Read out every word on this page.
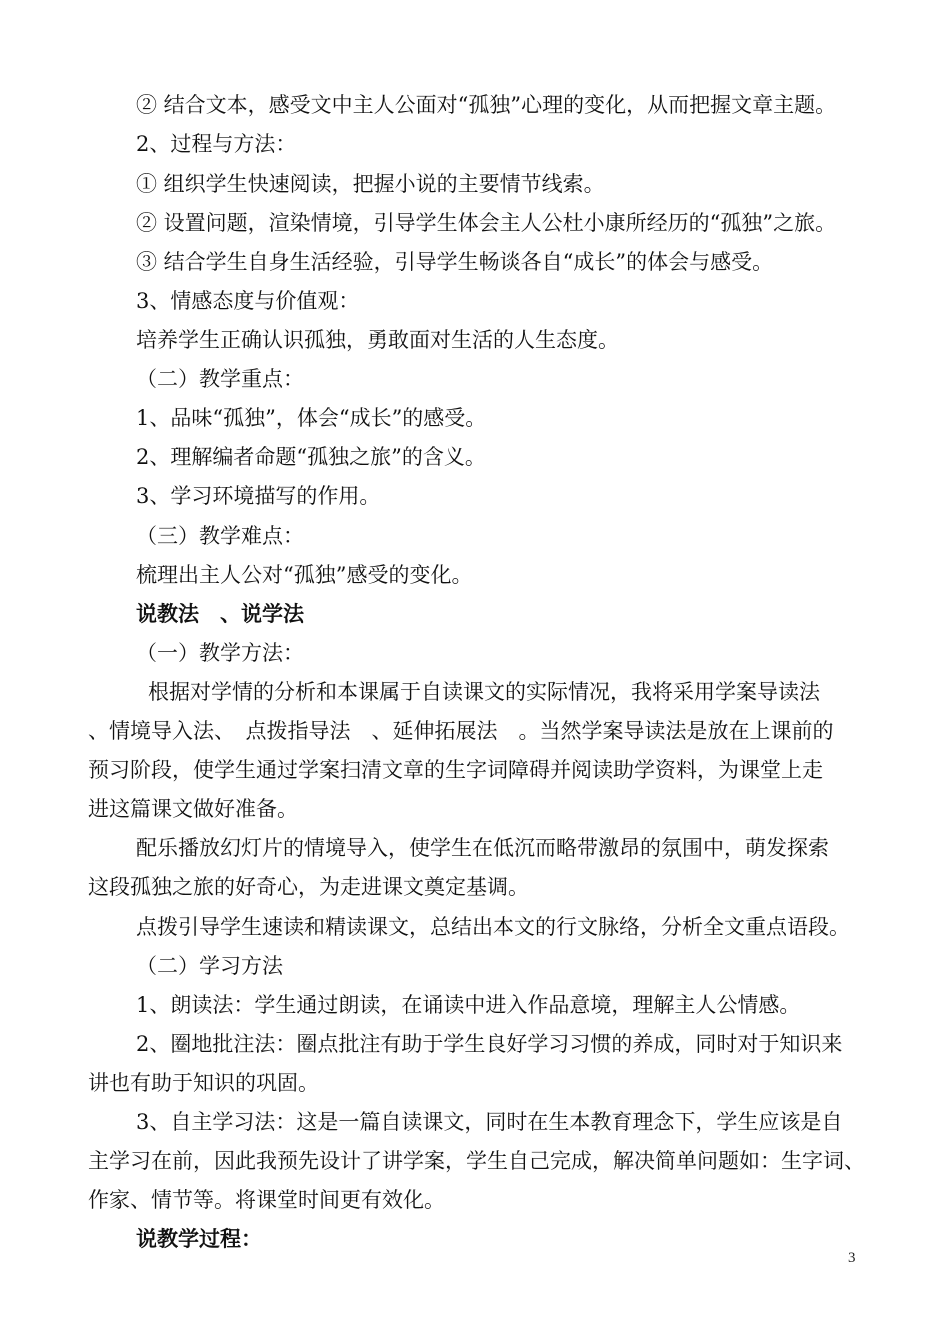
② 结合文本，感受文中主人公面对“孤独”心理的变化，从而把握文章主题。
2、过程与方法：
① 组织学生快速阅读，把握小说的主要情节线索。
② 设置问题，渲染情境，引导学生体会主人公杜小康所经历的“孤独”之旅。
③ 结合学生自身生活经验，引导学生畅谈各自“成长”的体会与感受。
3、情感态度与价值观：
培养学生正确认识孤独，勇敢面对生活的人生态度。
（二）教学重点：
1、品味“孤独”，体会“成长”的感受。
2、理解编者命题“孤独之旅”的含义。
3、学习环境描写的作用。
（三）教学难点：
梳理出主人公对“孤独”感受的变化。
说教法　、说学法
（一）教学方法：
根据对学情的分析和本课属于自读课文的实际情况，我将采用学案导读法
、情境导入法、　点拨指导法　、延伸拓展法　。当然学案导读法是放在上课前的
预习阶段，使学生通过学案扫清文章的生字词障碍并阅读助学资料，为课堂上走
进这篇课文做好准备。
配乐播放幻灯片的情境导入，使学生在低沉而略带激昂的氛围中，萌发探索
这段孤独之旅的好奇心，为走进课文奠定基调。
点拨引导学生速读和精读课文，总结出本文的行文脉络，分析全文重点语段。
（二）学习方法
1、朗读法：学生通过朗读，在诵读中进入作品意境，理解主人公情感。
2、圈地批注法：圈点批注有助于学生良好学习习惯的养成，同时对于知识来
讲也有助于知识的巩固。
3、自主学习法：这是一篇自读课文，同时在生本教育理念下，学生应该是自
主学习在前，因此我预先设计了讲学案，学生自己完成，解决简单问题如：生字词、
作家、情节等。将课堂时间更有效化。
说教学过程：
3
